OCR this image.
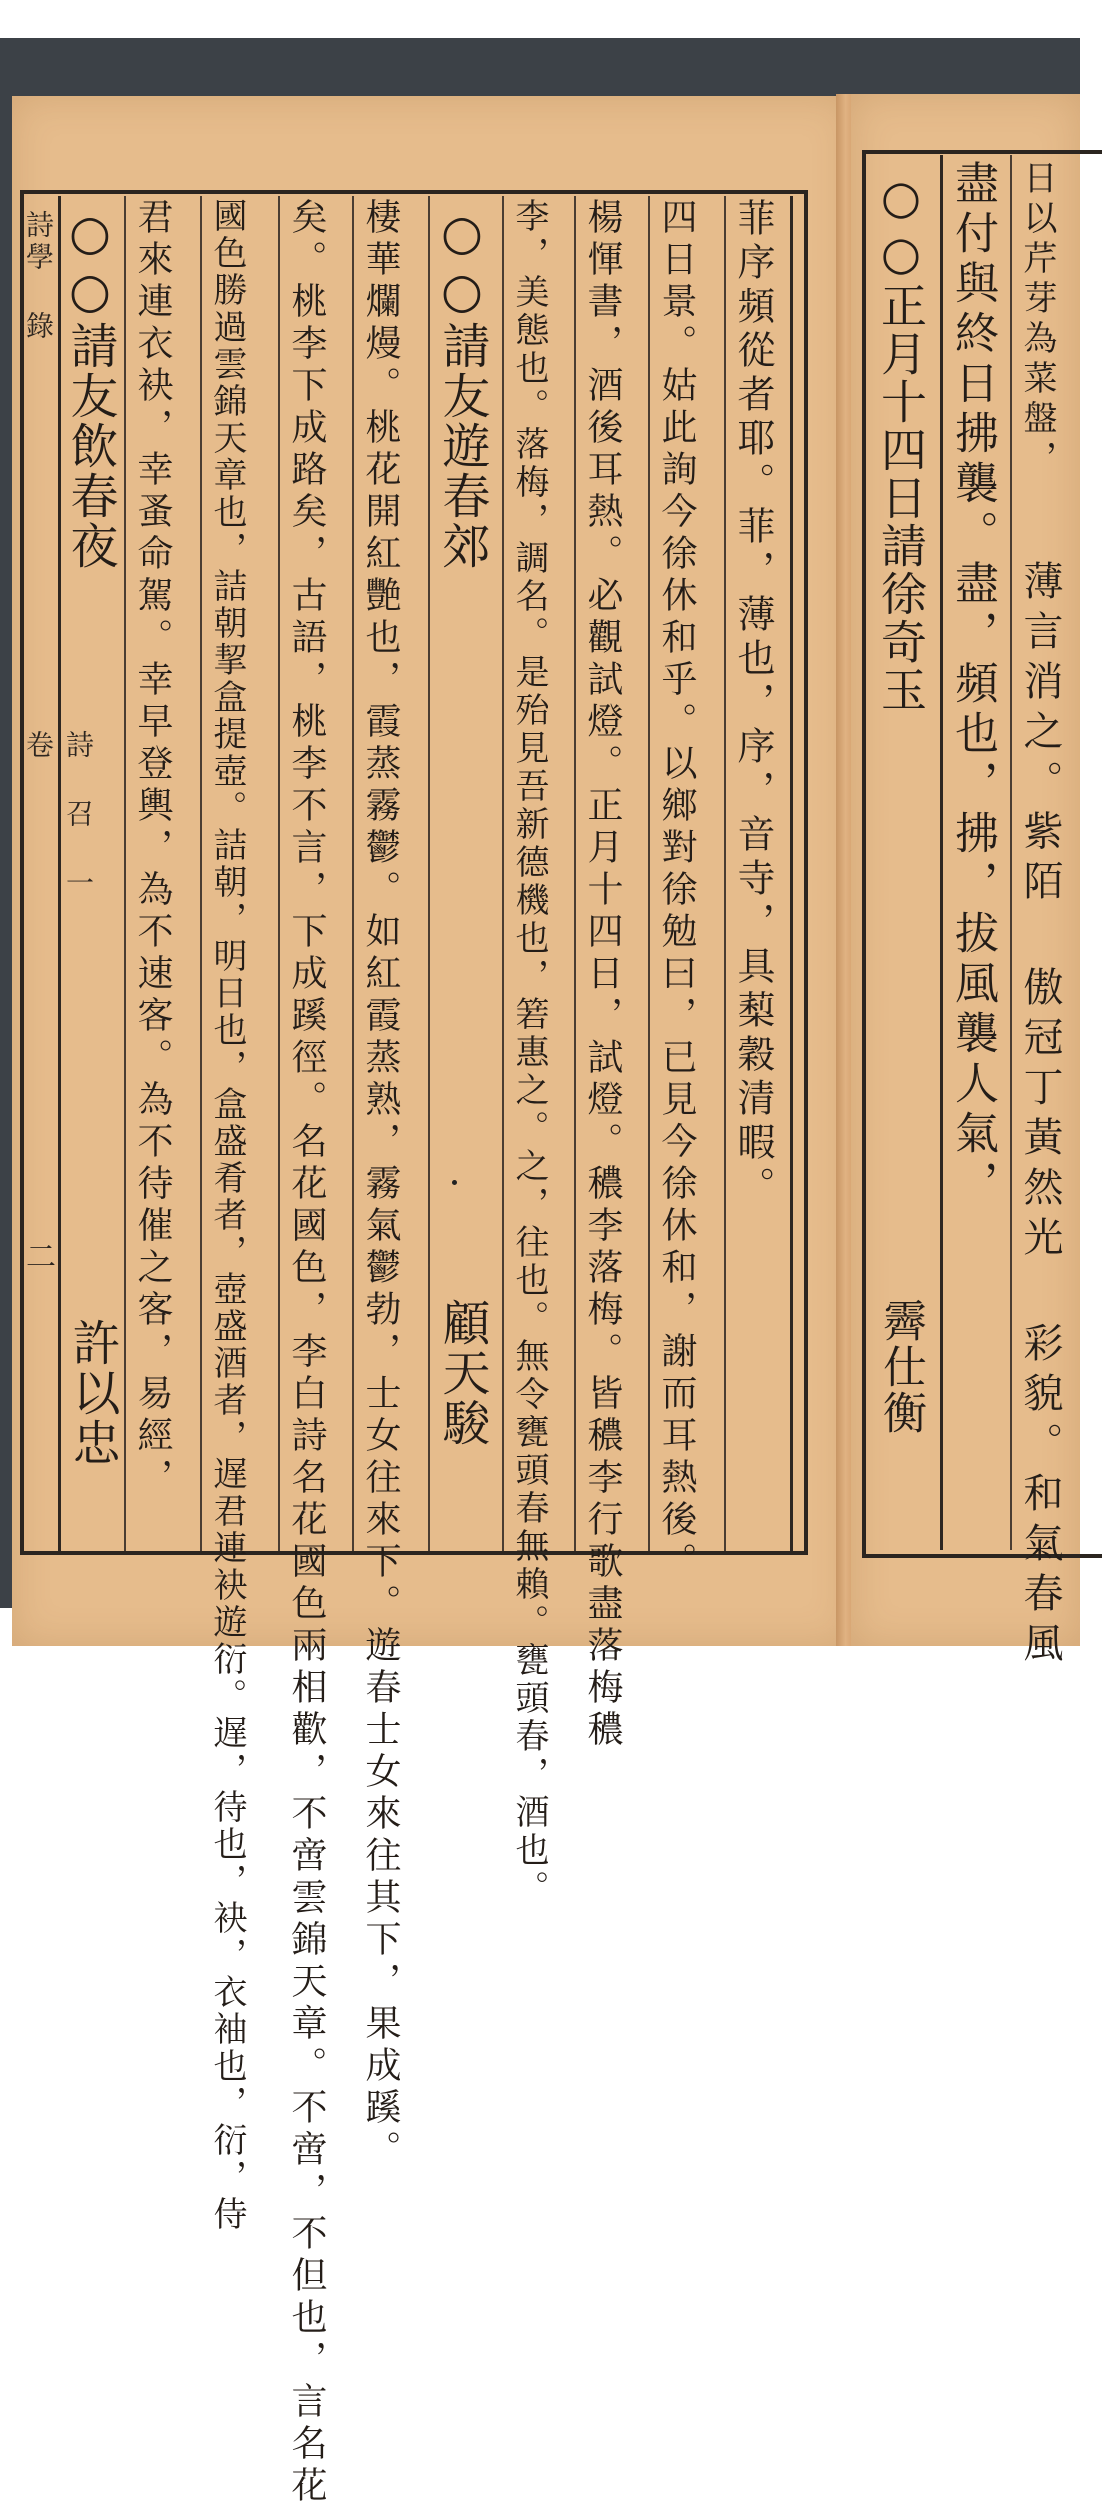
詩學 錄
詩 召 一 卷
二
菲序頻從者耶。菲，薄也，序，音寺，具䔧穀清暇。
四日景。姑此詢今徐休和乎。以鄉對徐勉曰，已見今徐休和，謝而耳熱後。
楊惲書，酒後耳熱。必觀試燈。正月十四日，試燈。穠李落梅。皆穠李行歌盡落梅穠
李，美態也。落梅，調名。是殆見吾新德機也，箬惠之。之，往也。無令甕頭春無賴。甕頭春，酒也。
○○請友遊春郊
顧天駿
棲華爛熳。桃花開紅艷也，霞蒸霧鬱。如紅霞蒸熟，霧氣鬱勃，士女往來下。遊春士女來往其下，果成蹊。
矣。桃李下成路矣，古語，桃李不言，下成蹊徑。名花國色，李白詩名花國色兩相歡，不啻雲錦天章。不啻，不但也，言名花
國色勝過雲錦天章也，詰朝挈盒提壺。詰朝，明日也，盒盛肴者，壺盛酒者，遅君連袂遊衍。遅，待也，袂，衣袖也，衍，侍
君來連衣袂，幸蚤命駕。幸早登輿，為不速客。為不待催之客，易經，
○○請友飲春夜
許以忠
日以芹芽為菜盤，
盡付與終日拂襲。盡，頻也，拂，拔風襲人氣，
○○正月十四日請徐奇玉
霽仕衡 薄言消之。紫陌 傲冠丁黃然光 彩貌。和氣春風
